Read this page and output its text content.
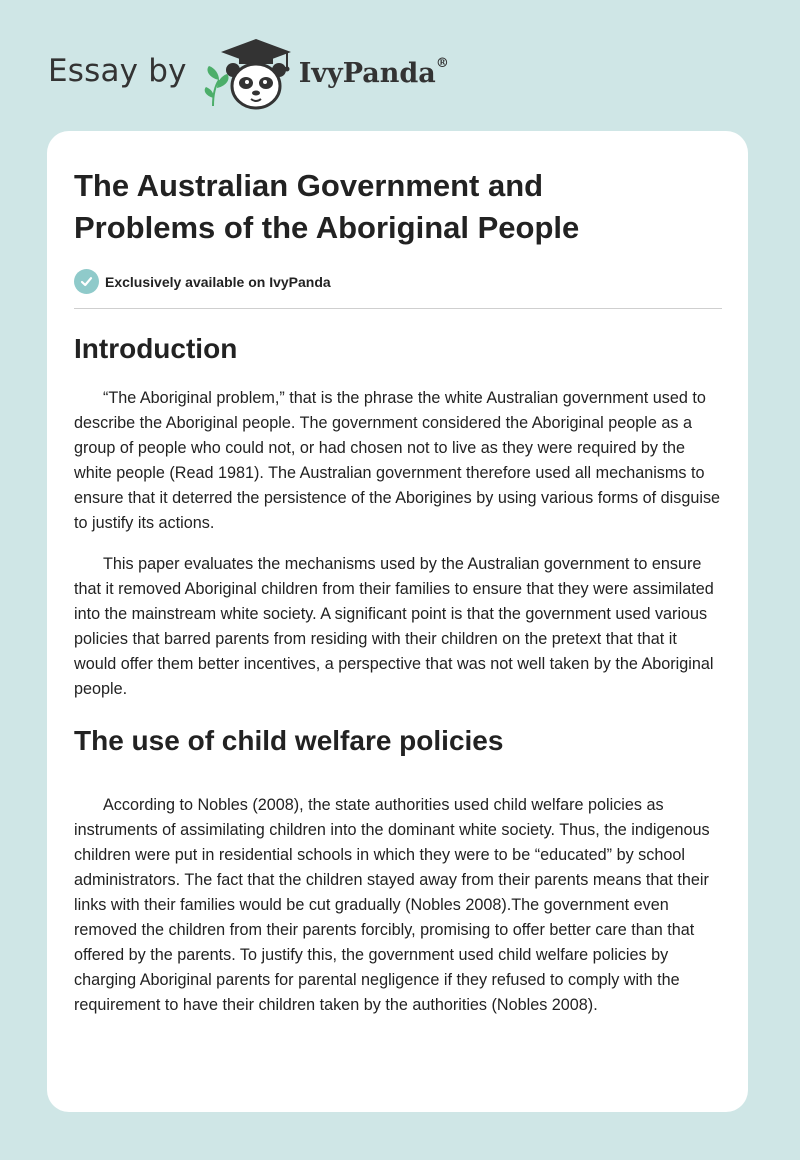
Essay by	IvyPanda®
The Australian Government and Problems of the Aboriginal People
Exclusively available on IvyPanda
Introduction

“The Aboriginal problem,” that is the phrase the white Australian government used to describe the Aboriginal people. The government considered the Aboriginal people as a group of people who could not, or had chosen not to live as they were required by the white people (Read 1981). The Australian government therefore used all mechanisms to ensure that it deterred the persistence of the Aborigines by using various forms of disguise to justify its actions.

This paper evaluates the mechanisms used by the Australian government to ensure that it removed Aboriginal children from their families to ensure that they were assimilated into the mainstream white society. A significant point is that the government used various policies that barred parents from residing with their children on the pretext that that it would offer them better incentives, a perspective that was not well taken by the Aboriginal people.

The use of child welfare policies

According to Nobles (2008), the state authorities used child welfare policies as instruments of assimilating children into the dominant white society. Thus, the indigenous children were put in residential schools in which they were to be “educated” by school administrators. The fact that the children stayed away from their parents means that their links with their families would be cut gradually (Nobles 2008).The government even removed the children from their parents forcibly, promising to offer better care than that offered by the parents. To justify this, the government used child welfare policies by charging Aboriginal parents for parental negligence if they refused to comply with the requirement to have their children taken by the authorities (Nobles 2008).
